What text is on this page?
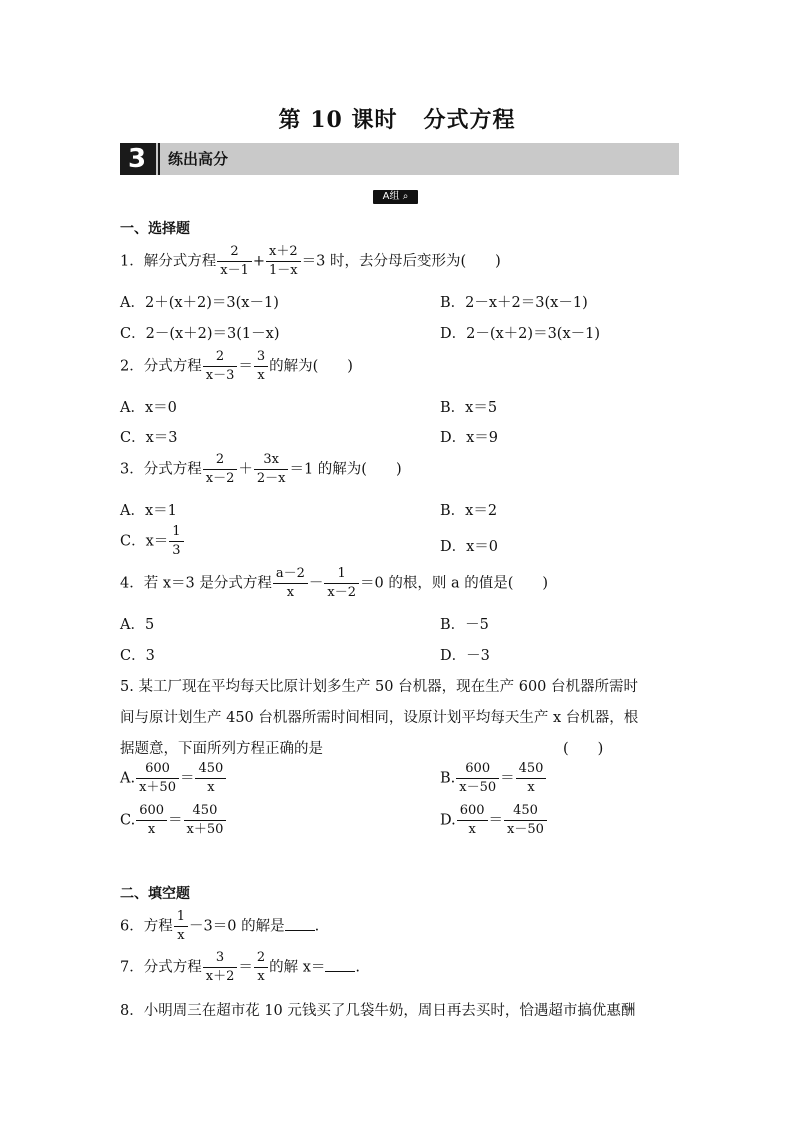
第 10 课时 分式方程
3	练出高分
A组 ⌕
一、选择题
1．解分式方程 $\frac{2}{x-1} + \frac{x+2}{1-x} =3$ 时，去分母后变形为(　　)
A．2＋(x＋2)＝3(x－1)	B．2－x＋2＝3(x－1)
C．2－(x＋2)＝3(1－x)	D．2－(x＋2)＝3(x－1)
2．分式方程 $\frac{2}{x-3} = \frac{3}{x}$ 的解为(　　)
A．x＝0	B．x＝5
C．x＝3	D．x＝9
3．分式方程 $\frac{2}{x-2} + \frac{3x}{2-x} =1$ 的解为(　　)
A．x＝1	B．x＝2
C．$x= \frac{1}{3}$	D．x＝0
4．若 x＝3 是分式方程 $\frac{a-2}{x} - \frac{1}{x-2} =0$ 的根，则 a 的值是(　　)
A．5	B．－5
C．3	D．－3
5. 某工厂现在平均每天比原计划多生产 50 台机器，现在生产 600 台机器所需时
间与原计划生产 450 台机器所需时间相同，设原计划平均每天生产 x 台机器，根
据题意，下面所列方程正确的是	(　　)
A. $\frac{600}{x+50} = \frac{450}{x}$	B. $\frac{600}{x-50} = \frac{450}{x}$
C. $\frac{600}{x} = \frac{450}{x+50}$	D. $\frac{600}{x} = \frac{450}{x-50}$
二、填空题
6．方程 $\frac{1}{x} -3=0$ 的解是 .
7．分式方程 $\frac{3}{x+2} = \frac{2}{x}$ 的解 x＝ .
8．小明周三在超市花 10 元钱买了几袋牛奶，周日再去买时，恰遇超市搞优惠酬
